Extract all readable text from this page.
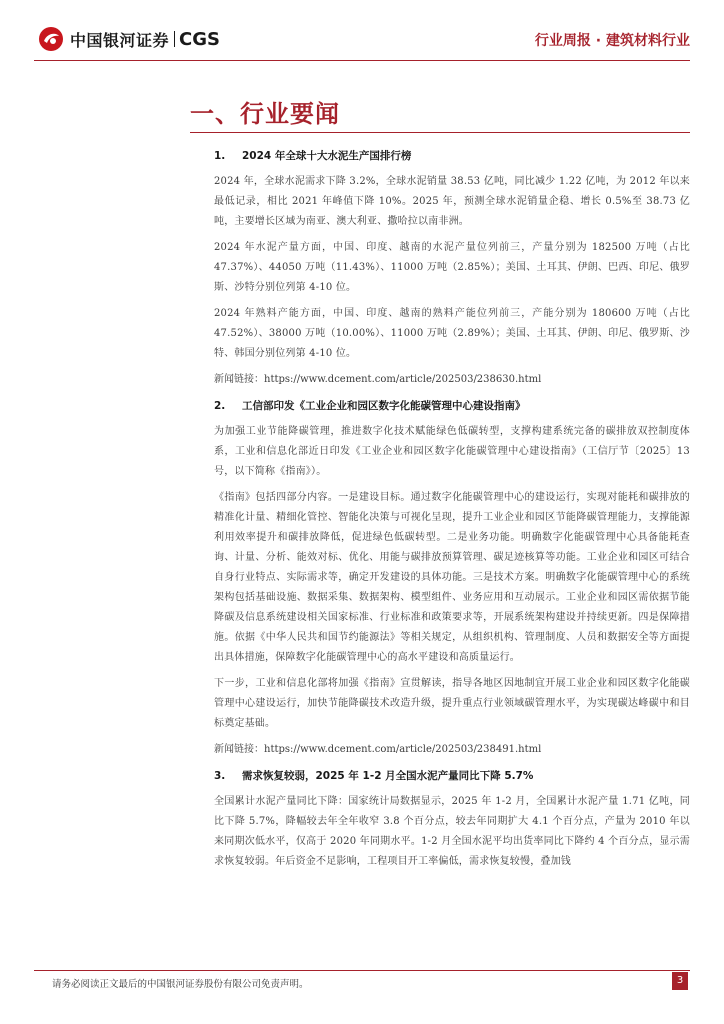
中国银河证券 CGS	行业周报 · 建筑材料行业
一、行业要闻
1. 2024 年全球十大水泥生产国排行榜

2024 年，全球水泥需求下降 3.2%，全球水泥销量 38.53 亿吨，同比减少 1.22 亿吨，为 2012 年以来最低记录，相比 2021 年峰值下降 10%。2025 年，预测全球水泥销量企稳、增长 0.5%至 38.73 亿吨，主要增长区域为南亚、澳大利亚、撒哈拉以南非洲。

2024 年水泥产量方面，中国、印度、越南的水泥产量位列前三，产量分别为 182500 万吨（占比 47.37%）、44050 万吨（11.43%）、11000 万吨（2.85%）；美国、土耳其、伊朗、巴西、印尼、俄罗斯、沙特分别位列第 4-10 位。

2024 年熟料产能方面，中国、印度、越南的熟料产能位列前三，产能分别为 180600 万吨（占比 47.52%）、38000 万吨（10.00%）、11000 万吨（2.89%）；美国、土耳其、伊朗、印尼、俄罗斯、沙特、韩国分别位列第 4-10 位。

新闻链接：https://www.dcement.com/article/202503/238630.html

2. 工信部印发《工业企业和园区数字化能碳管理中心建设指南》

为加强工业节能降碳管理，推进数字化技术赋能绿色低碳转型，支撑构建系统完备的碳排放双控制度体系，工业和信息化部近日印发《工业企业和园区数字化能碳管理中心建设指南》（工信厅节〔2025〕13 号，以下简称《指南》）。

《指南》包括四部分内容。一是建设目标。通过数字化能碳管理中心的建设运行，实现对能耗和碳排放的精准化计量、精细化管控、智能化决策与可视化呈现，提升工业企业和园区节能降碳管理能力，支撑能源利用效率提升和碳排放降低，促进绿色低碳转型。二是业务功能。明确数字化能碳管理中心具备能耗查询、计量、分析、能效对标、优化、用能与碳排放预算管理、碳足迹核算等功能。工业企业和园区可结合自身行业特点、实际需求等，确定开发建设的具体功能。三是技术方案。明确数字化能碳管理中心的系统架构包括基础设施、数据采集、数据架构、模型组件、业务应用和互动展示。工业企业和园区需依据节能降碳及信息系统建设相关国家标准、行业标准和政策要求等，开展系统架构建设并持续更新。四是保障措施。依据《中华人民共和国节约能源法》等相关规定，从组织机构、管理制度、人员和数据安全等方面提出具体措施，保障数字化能碳管理中心的高水平建设和高质量运行。

下一步，工业和信息化部将加强《指南》宣贯解读，指导各地区因地制宜开展工业企业和园区数字化能碳管理中心建设运行，加快节能降碳技术改造升级，提升重点行业领域碳管理水平，为实现碳达峰碳中和目标奠定基础。

新闻链接：https://www.dcement.com/article/202503/238491.html

3. 需求恢复较弱，2025 年 1-2 月全国水泥产量同比下降 5.7%

全国累计水泥产量同比下降：国家统计局数据显示，2025 年 1-2 月，全国累计水泥产量 1.71 亿吨，同比下降 5.7%，降幅较去年全年收窄 3.8 个百分点，较去年同期扩大 4.1 个百分点，产量为 2010 年以来同期次低水平，仅高于 2020 年同期水平。1-2 月全国水泥平均出货率同比下降约 4 个百分点，显示需求恢复较弱。年后资金不足影响，工程项目开工率偏低，需求恢复较慢，叠加钱

请务必阅读正文最后的中国银河证券股份有限公司免责声明。	3
